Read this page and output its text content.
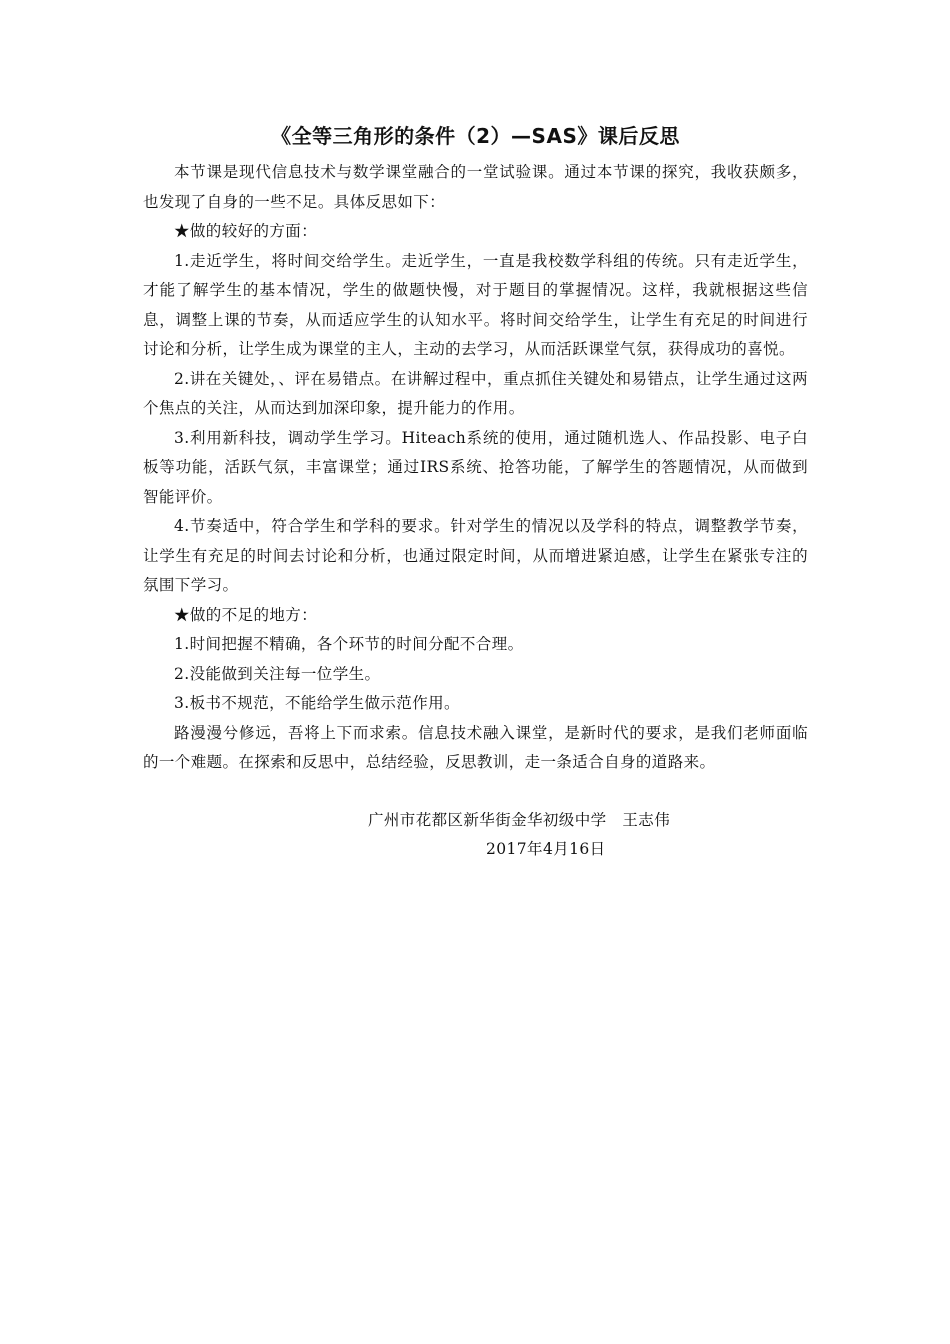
《全等三角形的条件（2）—SAS》课后反思

本节课是现代信息技术与数学课堂融合的一堂试验课。通过本节课的探究，我收获颇多，也发现了自身的一些不足。具体反思如下：

★做的较好的方面：

1.走近学生，将时间交给学生。走近学生，一直是我校数学科组的传统。只有走近学生，才能了解学生的基本情况，学生的做题快慢，对于题目的掌握情况。这样，我就根据这些信息，调整上课的节奏，从而适应学生的认知水平。将时间交给学生，让学生有充足的时间进行讨论和分析，让学生成为课堂的主人，主动的去学习，从而活跃课堂气氛，获得成功的喜悦。

2.讲在关键处，、评在易错点。在讲解过程中，重点抓住关键处和易错点，让学生通过这两个焦点的关注，从而达到加深印象，提升能力的作用。

3.利用新科技，调动学生学习。Hiteach系统的使用，通过随机选人、作品投影、电子白板等功能，活跃气氛，丰富课堂；通过IRS系统、抢答功能，了解学生的答题情况，从而做到智能评价。

4.节奏适中，符合学生和学科的要求。针对学生的情况以及学科的特点，调整教学节奏，让学生有充足的时间去讨论和分析，也通过限定时间，从而增进紧迫感，让学生在紧张专注的氛围下学习。

★做的不足的地方：

1.时间把握不精确，各个环节的时间分配不合理。

2.没能做到关注每一位学生。

3.板书不规范，不能给学生做示范作用。

路漫漫兮修远，吾将上下而求索。信息技术融入课堂，是新时代的要求，是我们老师面临的一个难题。在探索和反思中，总结经验，反思教训，走一条适合自身的道路来。

广州市花都区新华街金华初级中学　王志伟
2017年4月16日
